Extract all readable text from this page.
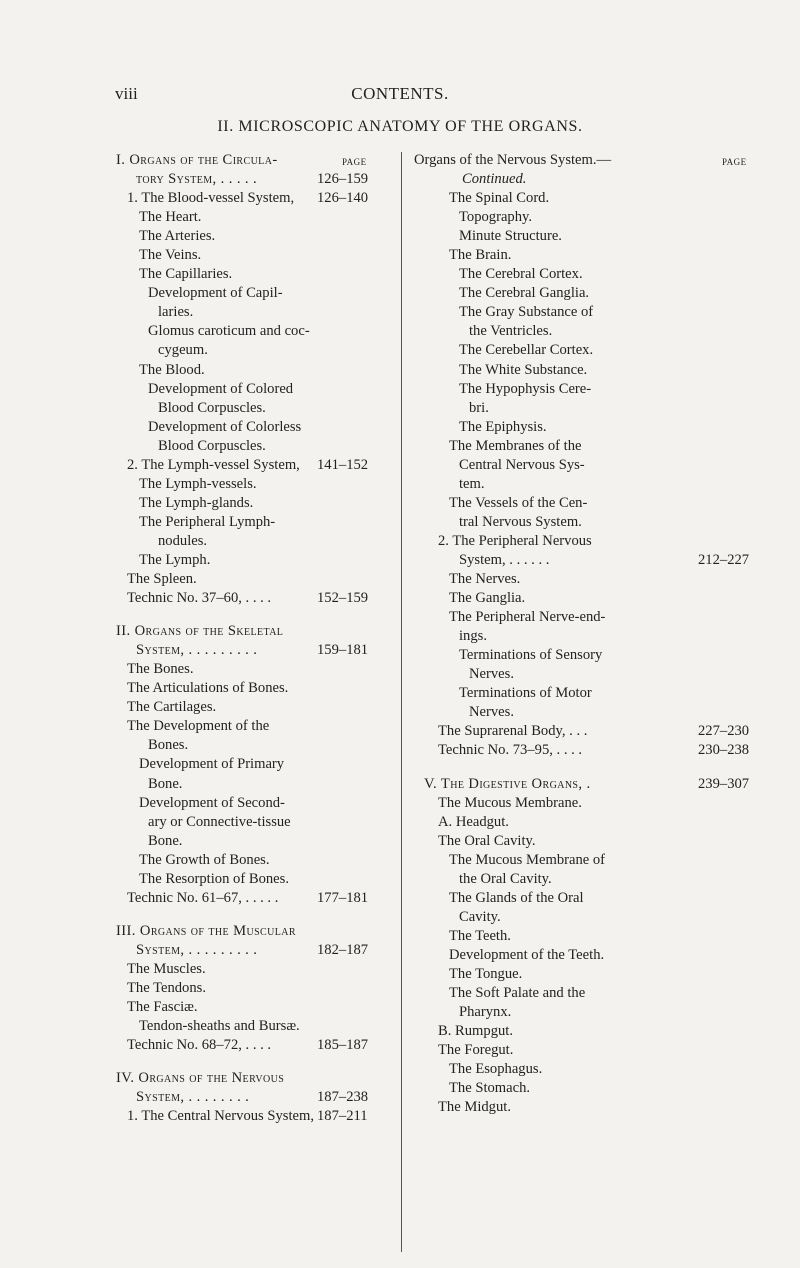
viii	CONTENTS.
II. MICROSCOPIC ANATOMY OF THE ORGANS.
I. Organs of the Circula-	PAGE
tory System, . . . . .	126–159
1. The Blood-vessel System, 126–140
The Heart.
The Arteries.
The Veins.
The Capillaries.
Development of Capil-
laries.
Glomus caroticum and coc-
cygeum.
The Blood.
Development of Colored
Blood Corpuscles.
Development of Colorless
Blood Corpuscles.
2. The Lymph-vessel System, 141–152
The Lymph-vessels.
The Lymph-glands.
The Peripheral Lymph-
nodules.
The Lymph.
The Spleen.
Technic No. 37–60, . . . .	152–159
II. Organs of the Skeletal
System, . . . . . . . . .	159–181
The Bones.
The Articulations of Bones.
The Cartilages.
The Development of the
Bones.
Development of Primary
Bone.
Development of Second-
ary or Connective-tissue
Bone.
The Growth of Bones.
The Resorption of Bones.
Technic No. 61–67, . . . . .	177–181
III. Organs of the Muscular
System, . . . . . . . . .	182–187
The Muscles.
The Tendons.
The Fasciæ.
Tendon-sheaths and Bursæ.
Technic No. 68–72, . . . .	185–187
IV. Organs of the Nervous
System, . . . . . . . .	187–238
1. The Central Nervous System, 187–211
Organs of the Nervous System.—	PAGE
Continued.
The Spinal Cord.
Topography.
Minute Structure.
The Brain.
The Cerebral Cortex.
The Cerebral Ganglia.
The Gray Substance of
the Ventricles.
The Cerebellar Cortex.
The White Substance.
The Hypophysis Cere-
bri.
The Epiphysis.
The Membranes of the
Central Nervous Sys-
tem.
The Vessels of the Cen-
tral Nervous System.
2. The Peripheral Nervous
System, . . . . . .	212–227
The Nerves.
The Ganglia.
The Peripheral Nerve-end-
ings.
Terminations of Sensory
Nerves.
Terminations of Motor
Nerves.
The Suprarenal Body, . . .	227–230
Technic No. 73–95, . . . .	230–238
V. The Digestive Organs, .	239–307
The Mucous Membrane.
A. Headgut.
The Oral Cavity.
The Mucous Membrane of
the Oral Cavity.
The Glands of the Oral
Cavity.
The Teeth.
Development of the Teeth.
The Tongue.
The Soft Palate and the
Pharynx.
B. Rumpgut.
The Foregut.
The Esophagus.
The Stomach.
The Midgut.
